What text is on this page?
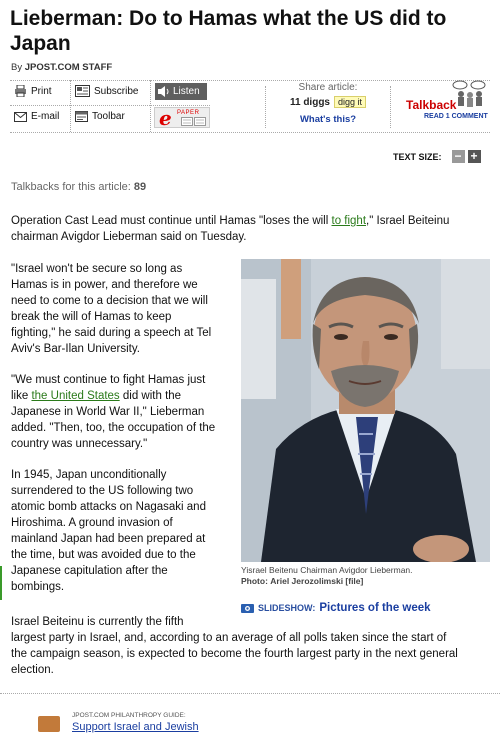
Lieberman: Do to Hamas what the US did to Japan
By JPOST.COM STAFF
Print	Subscribe	Listen
E-mail	Toolbar e PAPER
Share article:
11 diggs digg it
What's this?
Talkback
READ 1 COMMENT
TEXT SIZE: − +
Talkbacks for this article: 89

Operation Cast Lead must continue until Hamas "loses the will to fight," Israel Beiteinu
chairman Avigdor Lieberman said on Tuesday.

"Israel won't be secure so long as
Hamas is in power, and therefore we
need to come to a decision that we will
break the will of Hamas to keep
fighting," he said during a speech at Tel
Aviv's Bar-Ilan University.

"We must continue to fight Hamas just
like the United States did with the
Japanese in World War II," Lieberman
added. "Then, too, the occupation of the
country was unnecessary."

In 1945, Japan unconditionally
surrendered to the US following two
atomic bomb attacks on Nagasaki and
Hiroshima. A ground invasion of
mainland Japan had been prepared at
the time, but was avoided due to the
Japanese capitulation after the
bombings.

Israel Beiteinu is currently the fifth
largest party in Israel, and, according to an average of all polls taken since the start of
the campaign season, is expected to become the fourth largest party in the next general
election.

Yisrael Beitenu Chairman Avigdor Lieberman.
Photo: Ariel Jerozolimski [file]
SLIDESHOW: Pictures of the week
JPOST.COM PHILANTHROPY GUIDE:
Support Israel and Jewish
